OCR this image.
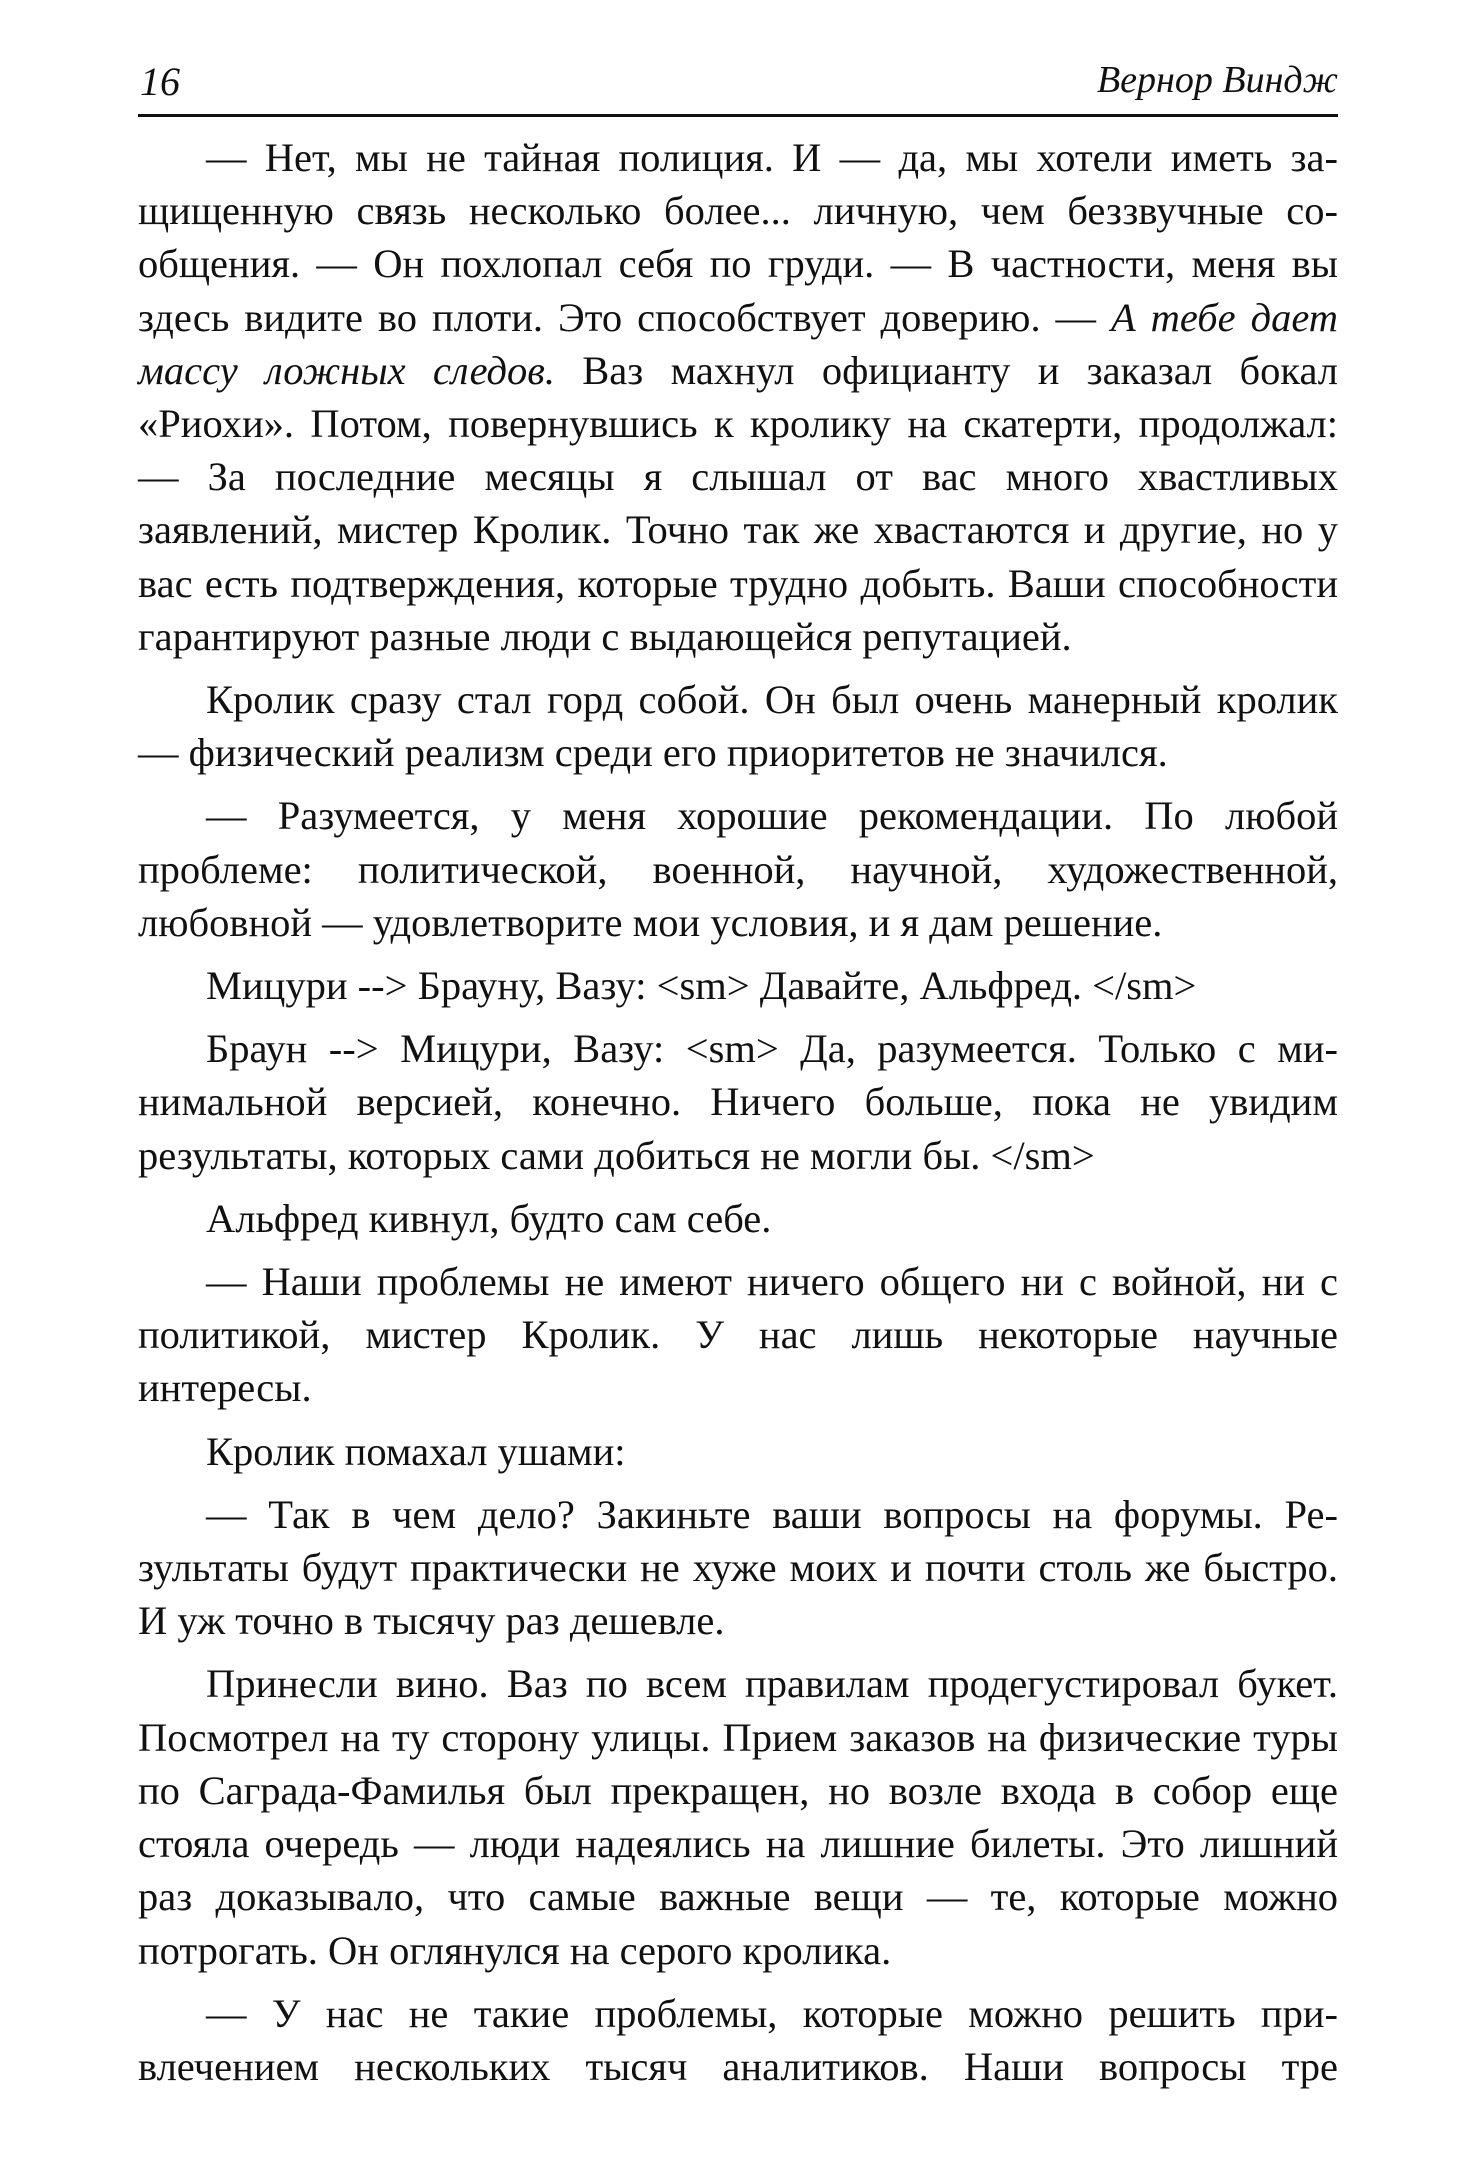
16	Вернор Виндж

— Нет, мы не тайная полиция. И — да, мы хотели иметь защищенную связь несколько более... личную, чем беззвучные сообщения. — Он похлопал себя по груди. — В частности, меня вы здесь видите во плоти. Это способствует доверию. — А тебе дает массу ложных следов. Ваз махнул официанту и заказал бокал «Риохи». Потом, повернувшись к кролику на скатерти, продолжал: — За последние месяцы я слышал от вас много хвастливых заявлений, мистер Кролик. Точно так же хвастаются и другие, но у вас есть подтверждения, которые трудно добыть. Ваши способности гарантируют разные люди с выдающейся репутацией.

Кролик сразу стал горд собой. Он был очень манерный кролик — физический реализм среди его приоритетов не значился.

— Разумеется, у меня хорошие рекомендации. По любой проблеме: политической, военной, научной, художественной, любовной — удовлетворите мои условия, и я дам решение.

Мицури --> Брауну, Вазу: <sm> Давайте, Альфред. </sm>

Браун --> Мицури, Вазу: <sm> Да, разумеется. Только с минимальной версией, конечно. Ничего больше, пока не увидим результаты, которых сами добиться не могли бы. </sm>

Альфред кивнул, будто сам себе.

— Наши проблемы не имеют ничего общего ни с войной, ни с политикой, мистер Кролик. У нас лишь некоторые научные интересы.

Кролик помахал ушами:

— Так в чем дело? Закиньте ваши вопросы на форумы. Результаты будут практически не хуже моих и почти столь же быстро. И уж точно в тысячу раз дешевле.

Принесли вино. Ваз по всем правилам продегустировал букет. Посмотрел на ту сторону улицы. Прием заказов на физические туры по Саграда-Фамилья был прекращен, но возле входа в собор еще стояла очередь — люди надеялись на лишние билеты. Это лишний раз доказывало, что самые важные вещи — те, которые можно потрогать. Он оглянулся на серого кролика.

— У нас не такие проблемы, которые можно решить привлечением нескольких тысяч аналитиков. Наши вопросы тре
